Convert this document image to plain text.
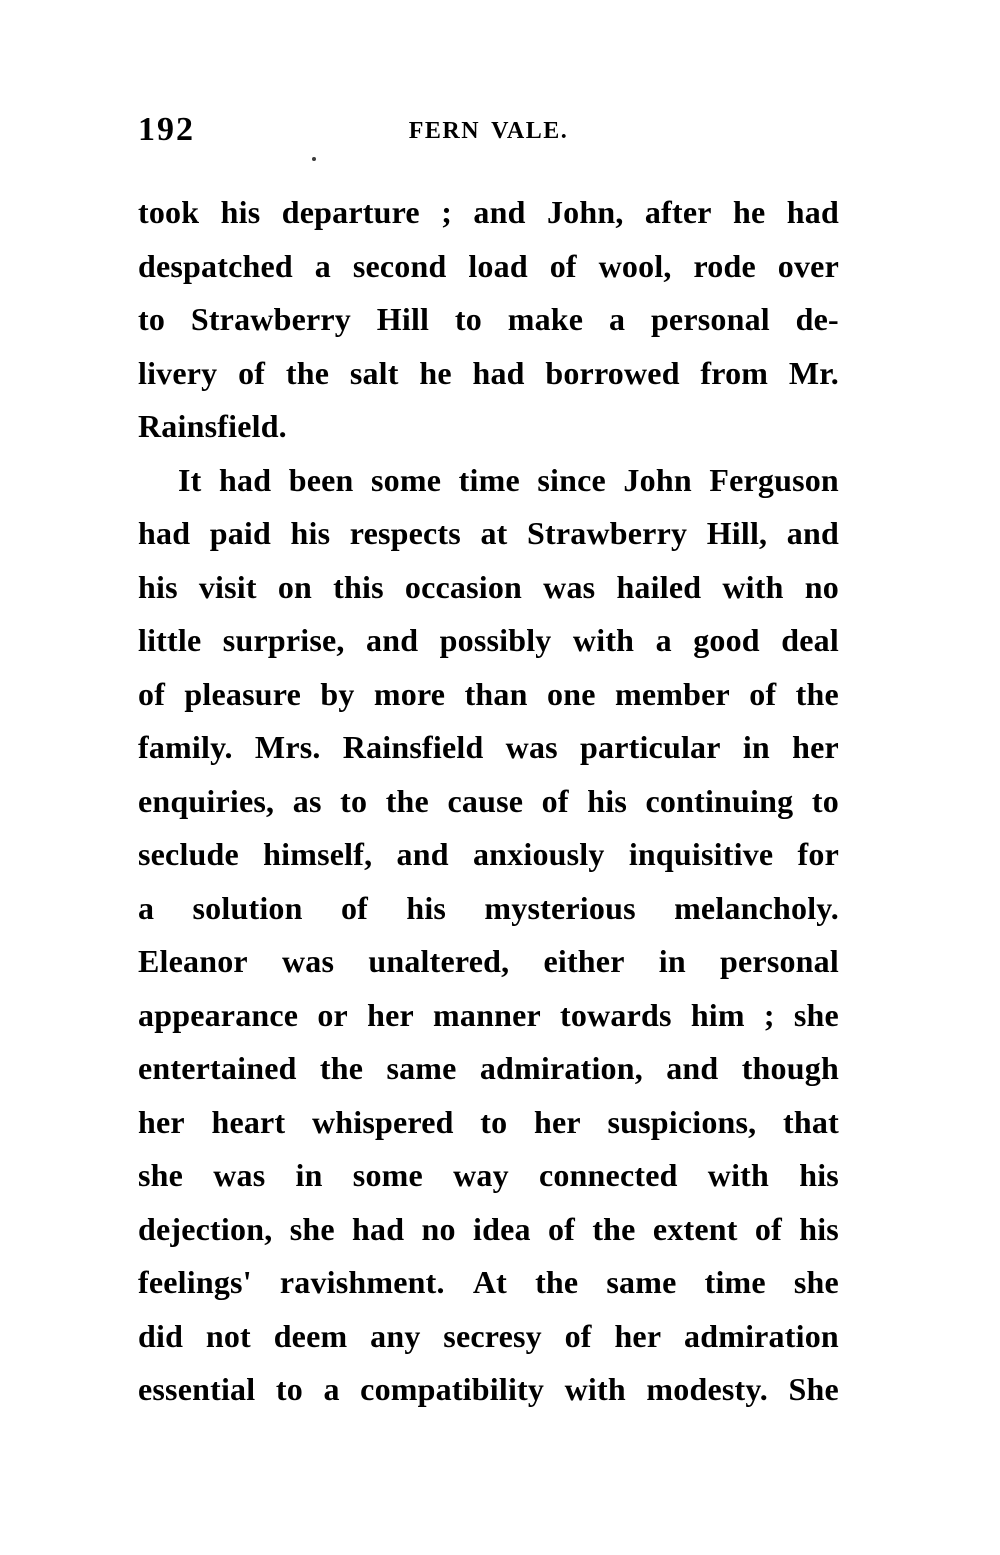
192	FERN VALE.
took his departure ; and John, after he had
despatched a second load of wool, rode over
to Strawberry Hill to make a personal de-
livery of the salt he had borrowed from Mr.
Rainsfield.
It had been some time since John Ferguson
had paid his respects at Strawberry Hill, and
his visit on this occasion was hailed with no
little surprise, and possibly with a good deal
of pleasure by more than one member of the
family. Mrs. Rainsfield was particular in her
enquiries, as to the cause of his continuing to
seclude himself, and anxiously inquisitive for
a solution of his mysterious melancholy.
Eleanor was unaltered, either in personal
appearance or her manner towards him ; she
entertained the same admiration, and though
her heart whispered to her suspicions, that
she was in some way connected with his
dejection, she had no idea of the extent of his
feelings' ravishment. At the same time she
did not deem any secresy of her admiration
essential to a compatibility with modesty. She
